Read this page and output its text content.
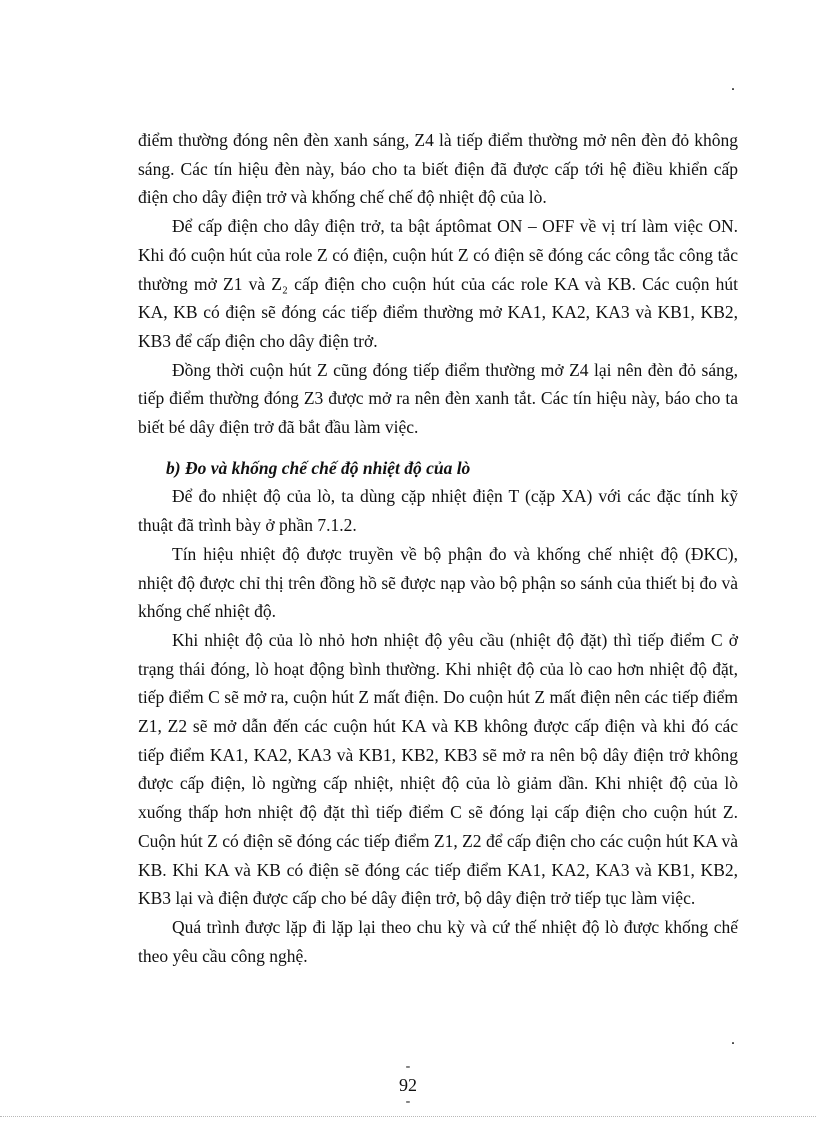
.

điểm thường đóng nên đèn xanh sáng, Z4 là tiếp điểm thường mở nên đèn đỏ không sáng. Các tín hiệu đèn này, báo cho ta biết điện đã được cấp tới hệ điều khiển cấp điện cho dây điện trở và khống chế chế độ nhiệt độ của lò.

Để cấp điện cho dây điện trở, ta bật áptômat ON – OFF về vị trí làm việc ON. Khi đó cuộn hút của role Z có điện, cuộn hút Z có điện sẽ đóng các công tắc công tắc thường mở Z1 và Z₂ cấp điện cho cuộn hút của các role KA và KB. Các cuộn hút KA, KB có điện sẽ đóng các tiếp điểm thường mở KA1, KA2, KA3 và KB1, KB2, KB3 để cấp điện cho dây điện trở.

Đồng thời cuộn hút Z cũng đóng tiếp điểm thường mở Z4 lại nên đèn đỏ sáng, tiếp điểm thường đóng Z3 được mở ra nên đèn xanh tắt. Các tín hiệu này, báo cho ta biết bé dây điện trở đã bắt đầu làm việc.

b) Đo và khống chế chế độ nhiệt độ của lò

Để đo nhiệt độ của lò, ta dùng cặp nhiệt điện T (cặp XA) với các đặc tính kỹ thuật đã trình bày ở phần 7.1.2.

Tín hiệu nhiệt độ được truyền về bộ phận đo và khống chế nhiệt độ (ĐKC), nhiệt độ được chỉ thị trên đồng hồ sẽ được nạp vào bộ phận so sánh của thiết bị đo và khống chế nhiệt độ.

Khi nhiệt độ của lò nhỏ hơn nhiệt độ yêu cầu (nhiệt độ đặt) thì tiếp điểm C ở trạng thái đóng, lò hoạt động bình thường. Khi nhiệt độ của lò cao hơn nhiệt độ đặt, tiếp điểm C sẽ mở ra, cuộn hút Z mất điện. Do cuộn hút Z mất điện nên các tiếp điểm Z1, Z2 sẽ mở dẫn đến các cuộn hút KA và KB không được cấp điện và khi đó các tiếp điểm KA1, KA2, KA3 và KB1, KB2, KB3 sẽ mở ra nên bộ dây điện trở không được cấp điện, lò ngừng cấp nhiệt, nhiệt độ của lò giảm dần. Khi nhiệt độ của lò xuống thấp hơn nhiệt độ đặt thì tiếp điểm C sẽ đóng lại cấp điện cho cuộn hút Z. Cuộn hút Z có điện sẽ đóng các tiếp điểm Z1, Z2 để cấp điện cho các cuộn hút KA và KB. Khi KA và KB có điện sẽ đóng các tiếp điểm KA1, KA2, KA3 và KB1, KB2, KB3 lại và điện được cấp cho bé dây điện trở, bộ dây điện trở tiếp tục làm việc.

Quá trình được lặp đi lặp lại theo chu kỳ và cứ thế nhiệt độ lò được khống chế theo yêu cầu công nghệ.

.
-
92
-
